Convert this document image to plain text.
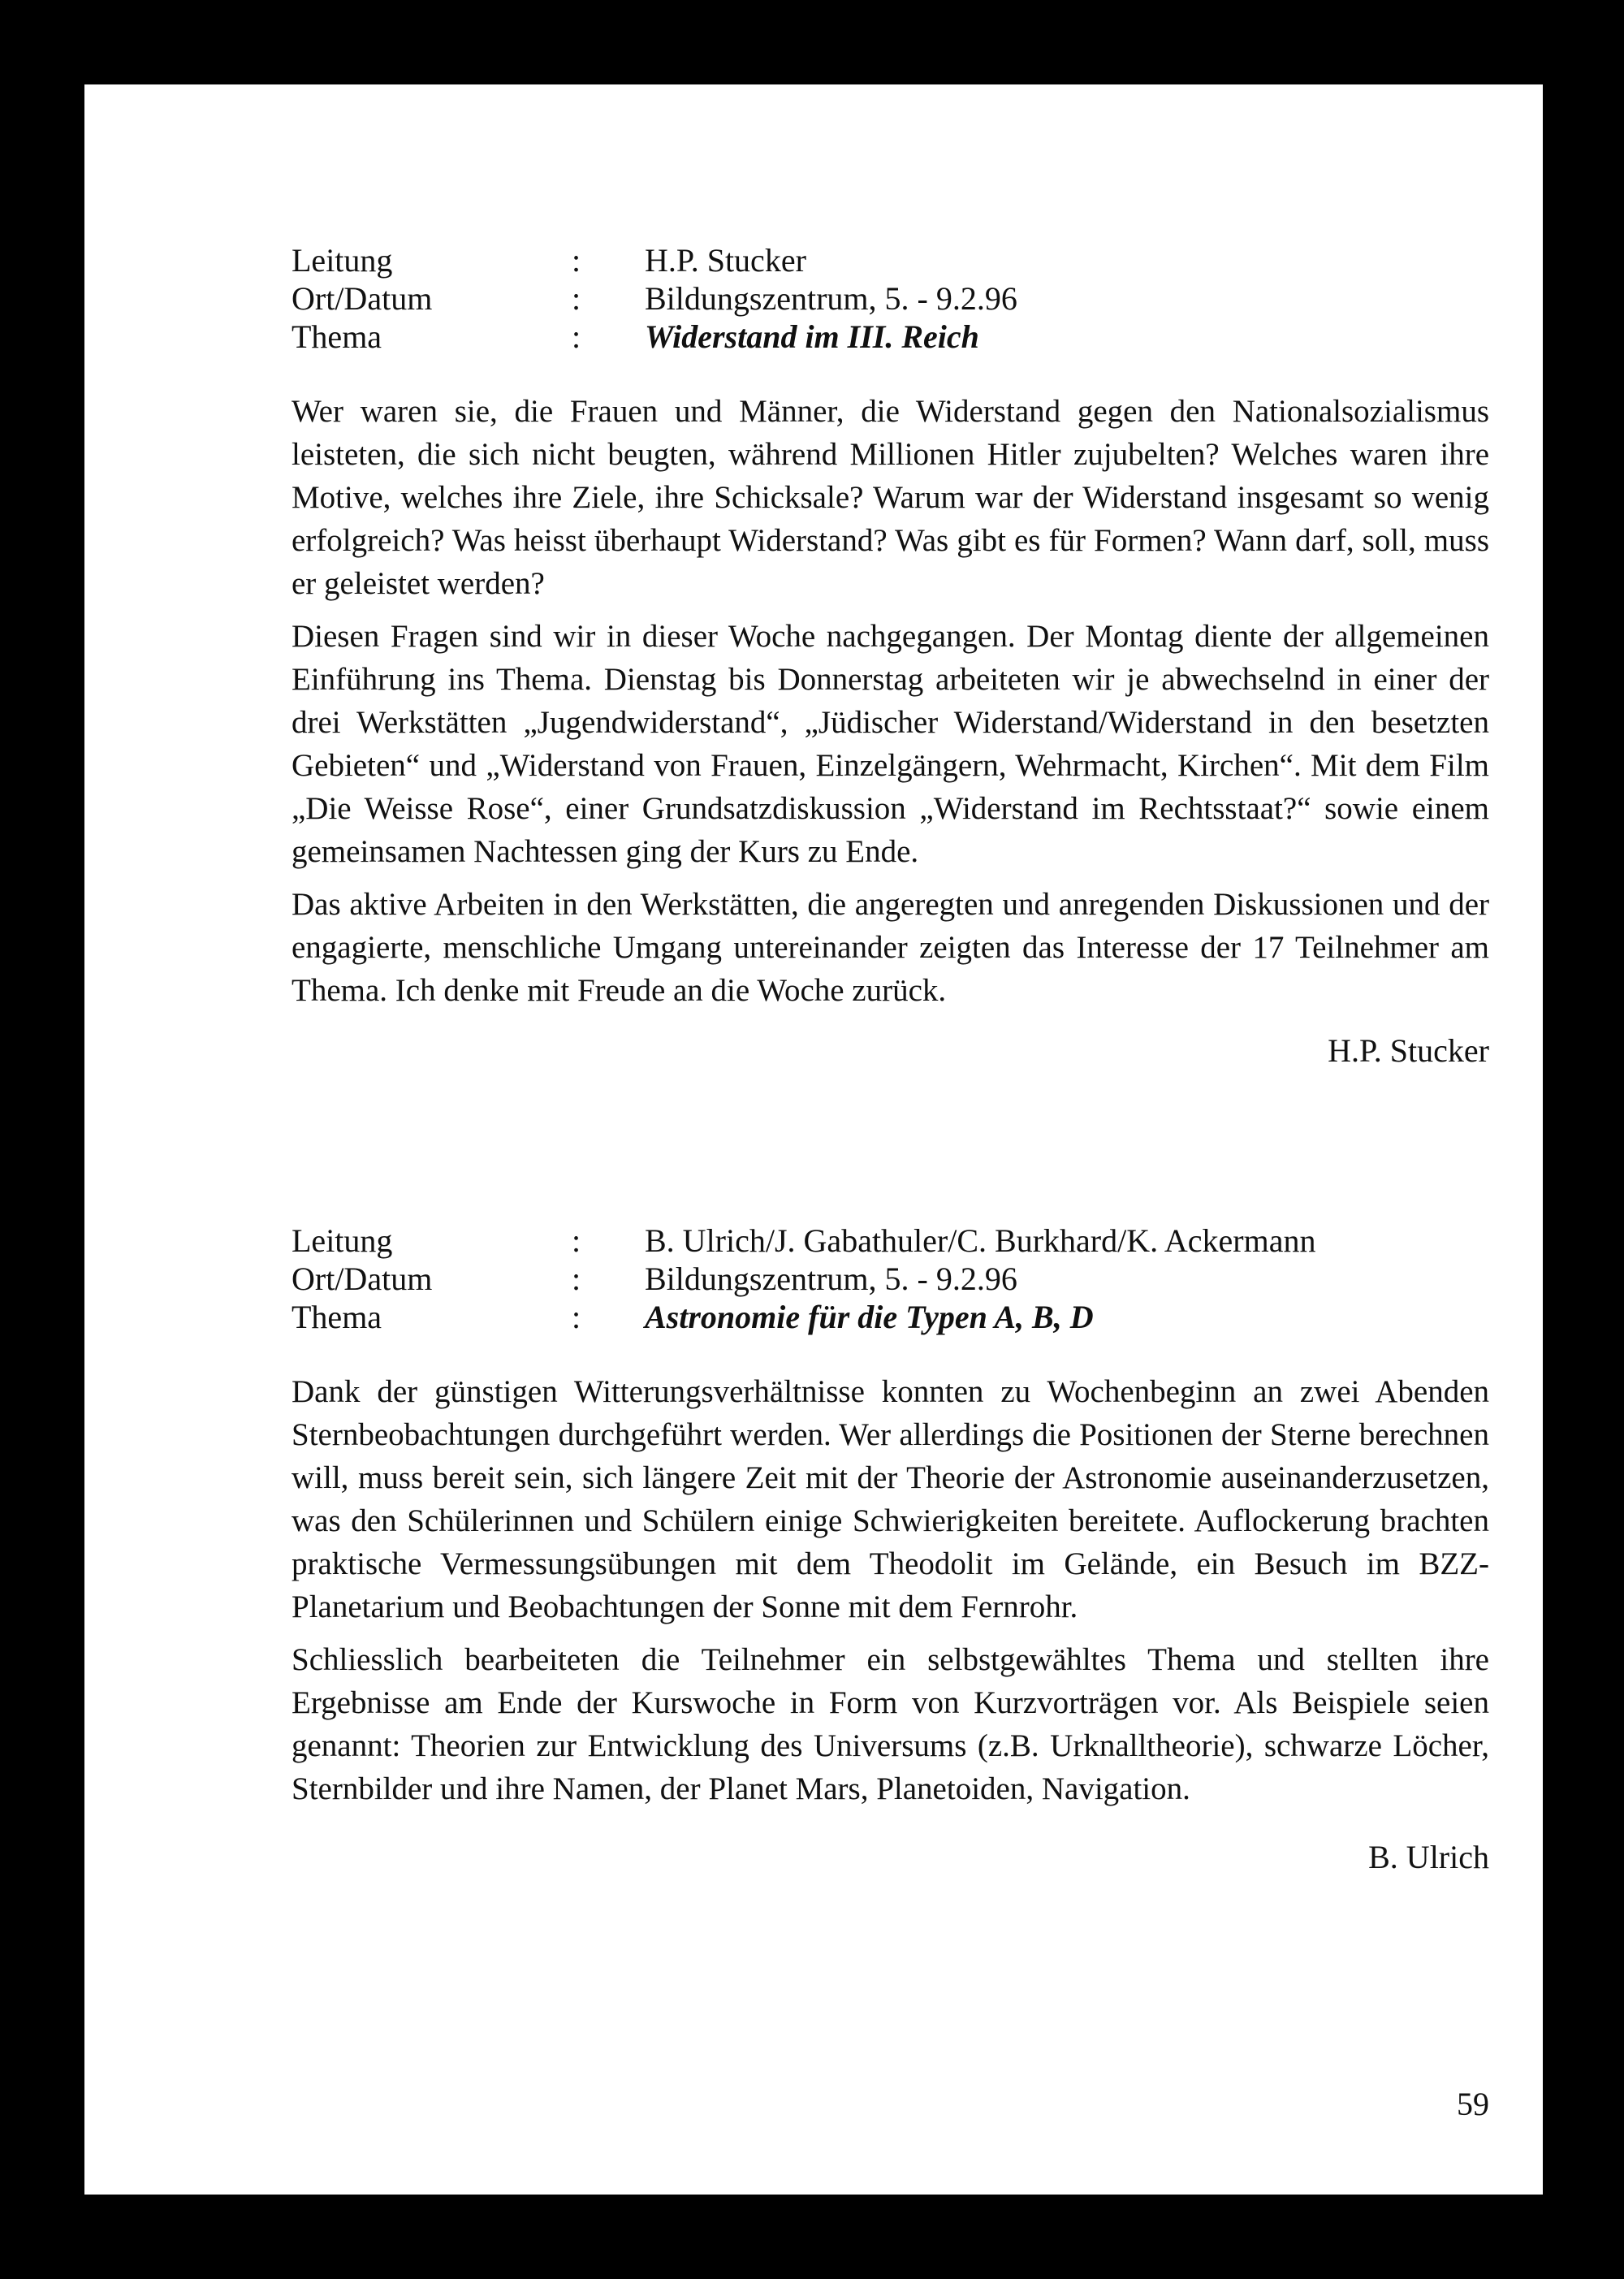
Leitung	:	H.P. Stucker
Ort/Datum	:	Bildungszentrum, 5. - 9.2.96
Thema	:	Widerstand im III. Reich

Wer waren sie, die Frauen und Männer, die Widerstand gegen den Nationalsozialismus leisteten, die sich nicht beugten, während Millionen Hitler zujubelten? Welches waren ihre Motive, welches ihre Ziele, ihre Schicksale? Warum war der Widerstand insgesamt so wenig erfolgreich? Was heisst überhaupt Widerstand? Was gibt es für Formen? Wann darf, soll, muss er geleistet werden?

Diesen Fragen sind wir in dieser Woche nachgegangen. Der Montag diente der allgemeinen Einführung ins Thema. Dienstag bis Donnerstag arbeiteten wir je abwechselnd in einer der drei Werkstätten „Jugendwiderstand“, „Jüdischer Widerstand/Widerstand in den besetzten Gebieten“ und „Widerstand von Frauen, Einzelgängern, Wehrmacht, Kirchen“. Mit dem Film „Die Weisse Rose“, einer Grundsatzdiskussion „Widerstand im Rechtsstaat?“ sowie einem gemeinsamen Nachtessen ging der Kurs zu Ende.

Das aktive Arbeiten in den Werkstätten, die angeregten und anregenden Diskussionen und der engagierte, menschliche Umgang untereinander zeigten das Interesse der 17 Teilnehmer am Thema. Ich denke mit Freude an die Woche zurück.

H.P. Stucker
Leitung	:	B. Ulrich/J. Gabathuler/C. Burkhard/K. Ackermann
Ort/Datum	:	Bildungszentrum, 5. - 9.2.96
Thema	:	Astronomie für die Typen A, B, D

Dank der günstigen Witterungsverhältnisse konnten zu Wochenbeginn an zwei Abenden Sternbeobachtungen durchgeführt werden. Wer allerdings die Positionen der Sterne berechnen will, muss bereit sein, sich längere Zeit mit der Theorie der Astronomie auseinanderzusetzen, was den Schülerinnen und Schülern einige Schwierigkeiten bereitete. Auflockerung brachten praktische Vermessungsübungen mit dem Theodolit im Gelände, ein Besuch im BZZ-Planetarium und Beobachtungen der Sonne mit dem Fernrohr.

Schliesslich bearbeiteten die Teilnehmer ein selbstgewähltes Thema und stellten ihre Ergebnisse am Ende der Kurswoche in Form von Kurzvorträgen vor. Als Beispiele seien genannt: Theorien zur Entwicklung des Universums (z.B. Urknalltheorie), schwarze Löcher, Sternbilder und ihre Namen, der Planet Mars, Planetoiden, Navigation.

B. Ulrich
59
